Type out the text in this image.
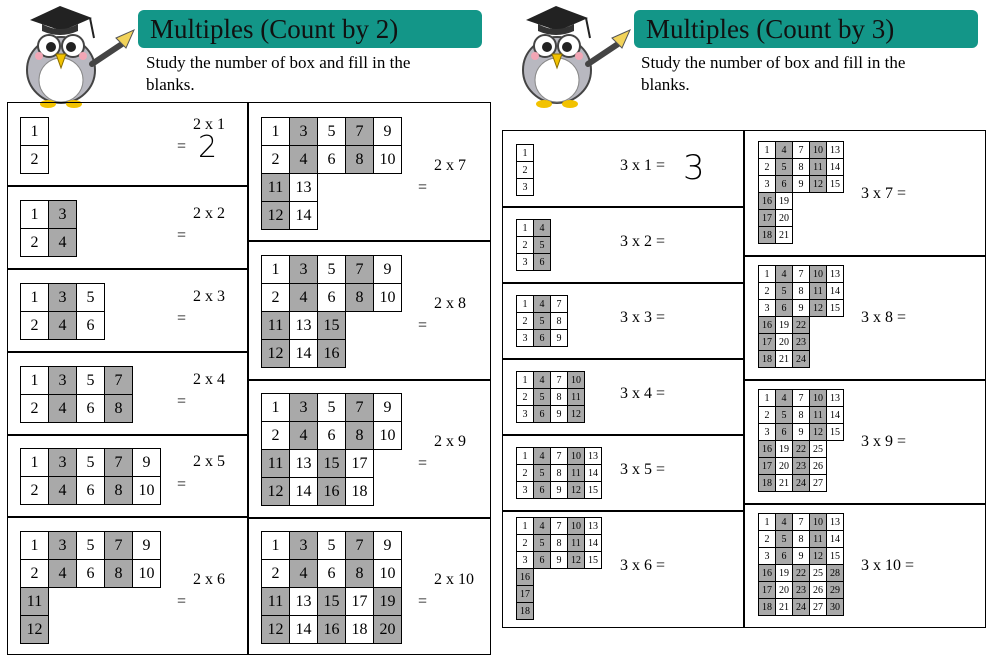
Multiples (Count by 2)
Study the number of box and fill in the
blanks.
1
2
1	3
2	4
1	3	5
2	4	6
1	3	5	7
2	4	6	8
1	3	5	7	9
2	4	6	8	10
1	3	5	7	9
2	4	6	8	10
11				
12				
1	3	5	7	9
2	4	6	8	10
11	13			
12	14			
1	3	5	7	9
2	4	6	8	10
11	13	15		
12	14	16		
1	3	5	7	9
2	4	6	8	10
11	13	15	17	
12	14	16	18	
1	3	5	7	9
2	4	6	8	10
11	13	15	17	19
12	14	16	18	20
2 x 1
= 2
2 x 2
=
2 x 3
=
2 x 4
=
2 x 5
=
2 x 6
=
2 x 7
=
2 x 8
=
2 x 9
=
2 x 10
=
Multiples (Count by 3)
Study the number of box and fill in the
blanks.
1
2
3
1	4
2	5
3	6
1	4	7
2	5	8
3	6	9
1	4	7	10
2	5	8	11
3	6	9	12
1	4	7	10	13
2	5	8	11	14
3	6	9	12	15
1	4	7	10	13
2	5	8	11	14
3	6	9	12	15
16				
17				
18				
1	4	7	10	13
2	5	8	11	14
3	6	9	12	15
16	19			
17	20			
18	21			
1	4	7	10	13
2	5	8	11	14
3	6	9	12	15
16	19	22		
17	20	23		
18	21	24		
1	4	7	10	13
2	5	8	11	14
3	6	9	12	15
16	19	22	25	
17	20	23	26	
18	21	24	27	
1	4	7	10	13
2	5	8	11	14
3	6	9	12	15
16	19	22	25	28
17	20	23	26	29
18	21	24	27	30
3 x 1 = 3
3 x 2 =
3 x 3 =
3 x 4 =
3 x 5 =
3 x 6 =
3 x 7 =
3 x 8 =
3 x 9 =
3 x 10 =
